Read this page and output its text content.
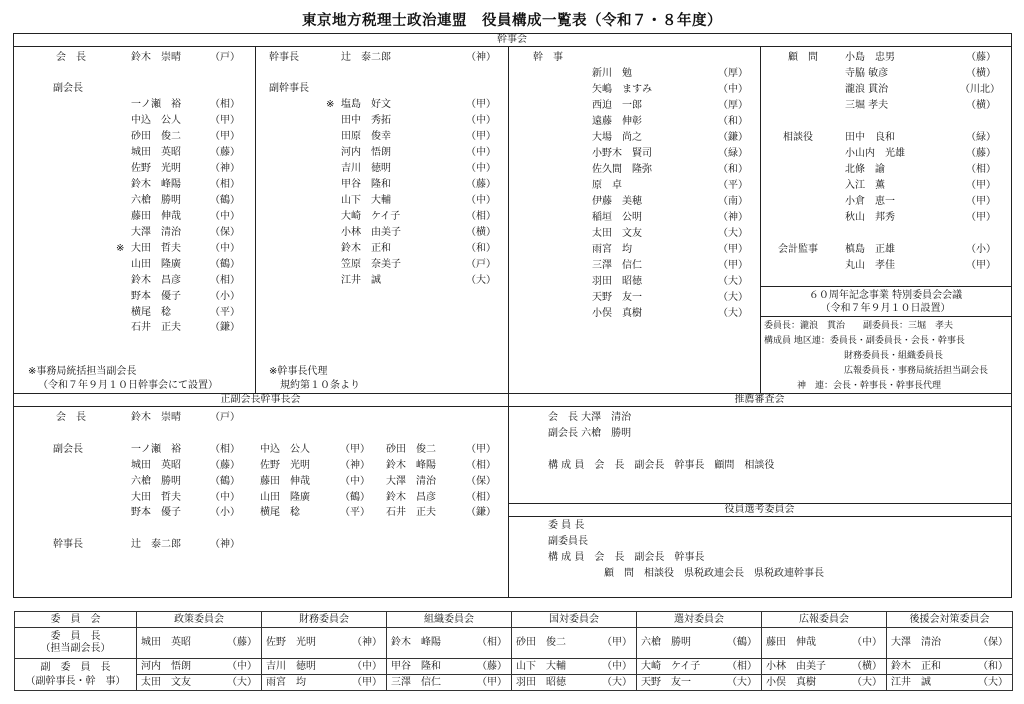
東京地方税理士政治連盟　役員構成一覧表（令和７・８年度）
幹事会
正副会長幹事長会	推薦審査会
役員選考委員会
会　長	鈴木　崇晴	（戸）
副会長
一ノ瀬　裕	（相）
中込　公人	（甲）
砂田　俊二	（甲）
城田　英昭	（藤）
佐野　光明	（神）
鈴木　峰陽	（相）
六槍　勝明	（鶴）
藤田　伸哉	（中）
大澤　清治	（保）
※ 大田　哲夫	（中）
山田　隆廣	（鶴）
鈴木　昌彦	（相）
野本　優子	（小）
横尾　稔	（平）
石井　正夫	（鎌）
※事務局統括担当副会長
（令和７年９月１０日幹事会にて設置）
幹事長	辻　泰二郎	（神）
副幹事長
※ 塩島　好文	（甲）
田中　秀拓	（中）
田原　俊幸	（甲）
河内　悟朗	（中）
吉川　徳明	（中）
甲谷　隆和	（藤）
山下　大輔	（中）
大崎　ケイ子	（相）
小林　由美子	（横）
鈴木　正和	（和）
笠原　奈美子	（戸）
江井　誠	（大）
※幹事長代理
規約第１０条より
幹　事
新川　勉	（厚）
矢嶋　ますみ	（中）
西迫　一郎	（厚）
遠藤　伸彰	（和）
大場　尚之	（鎌）
小野木　賢司	（緑）
佐久間　隆弥	（和）
原　卓	（平）
伊藤　美穂	（南）
稲垣　公明	（神）
太田　文友	（大）
雨宮　均	（甲）
三澤　信仁	（甲）
羽田　昭徳	（大）
天野　友一	（大）
小俣　真樹	（大）
顧　問	小島　忠男	（藤）
寺脇 敏彦	（横）
瀧浪 貫治	（川北）
三堀 孝夫	（横）
相談役	田中　良和	（緑）
小山内　光雄	（藤）
北條　諭	（相）
入江　薫	（甲）
小倉　恵一	（甲）
秋山　邦秀	（甲）
会計監事	槙島　正雄	（小）
丸山　孝佳	（甲）
６０周年記念事業 特別委員会会議
（令和７年９月１０日設置）
委員長：瀧浪　貫治　　副委員長：三堀　孝夫
構成員 地区連：委員長・副委員長・会長・幹事長
財務委員長・組織委員長
広報委員長・事務局統括担当副会長
神　連：会長・幹事長・幹事長代理
会　長	鈴木　崇晴	（戸）
副会長	一ノ瀬　裕	（相） 中込　公人	（甲） 砂田　俊二	（甲）
城田　英昭	（藤） 佐野　光明	（神） 鈴木　峰陽	（相）
六槍　勝明	（鶴） 藤田　伸哉	（中） 大澤　清治	（保）
大田　哲夫	（中） 山田　隆廣	（鶴） 鈴木　昌彦	（相）
野本　優子	（小） 横尾　稔	（平） 石井　正夫	（鎌）
幹事長	辻　泰二郎	（神）
会　長 大澤　清治
副会長 六槍　勝明
構 成 員　会　長　副会長　幹事長　顧問　相談役
委 員 長
副委員長
構 成 員　会　長　副会長　幹事長
顧　問　相談役　県税政連会長　県税政連幹事長
委　員　会	政策委員会		財務委員会		組織委員会		国対委員会		選対委員会		広報委員会		後援会対策委員会	

委　員　長
（担当副会長）	城田　英昭	（藤）	佐野　光明	（神）	鈴木　峰陽	（相）	砂田　俊二	（甲）	六槍　勝明	（鶴）	藤田　伸哉	（中）	大澤　清治	（保）

副　委　員　長
（副幹事長・幹　事）	河内　悟朗	（中）	吉川　徳明	（中）	甲谷　隆和	（藤）	山下　大輔	（中）	大崎　ケイ子	（相）	小林　由美子	（横）	鈴木　正和	（和）
	太田　文友	（大）	雨宮　均	（甲）	三澤　信仁	（甲）	羽田　昭徳	（大）	天野　友一	（大）	小俣　真樹	（大）	江井　誠	（大）
